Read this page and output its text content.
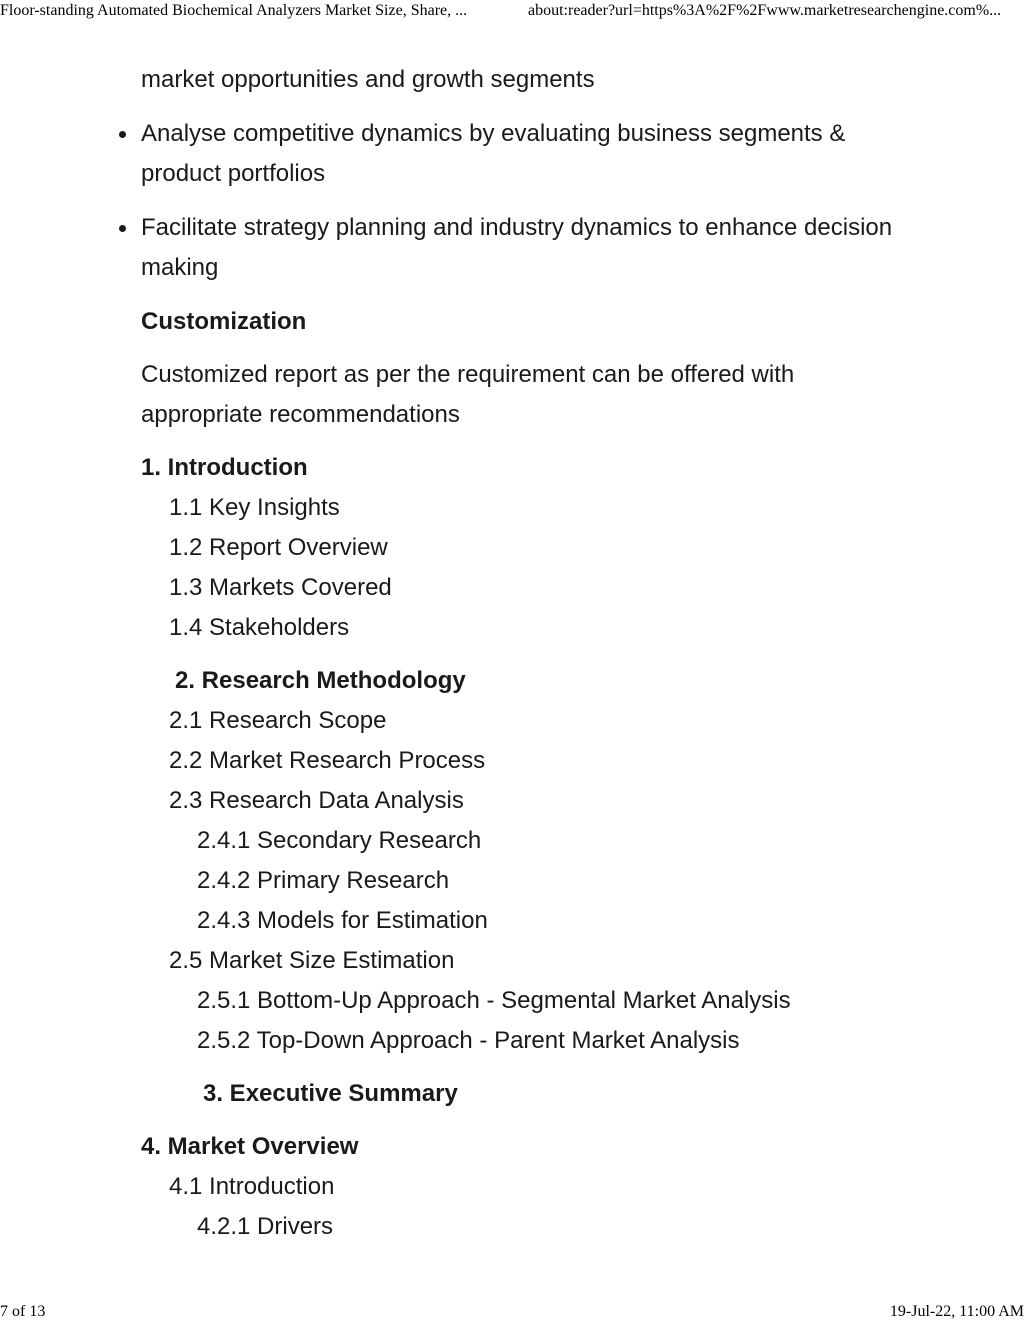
Floor-standing Automated Biochemical Analyzers Market Size, Share, ...	about:reader?url=https%3A%2F%2Fwww.marketresearchengine.com%...

market opportunities and growth segments

Analyse competitive dynamics by evaluating business segments & product portfolios
Facilitate strategy planning and industry dynamics to enhance decision making

Customization

Customized report as per the requirement can be offered with appropriate recommendations

1. Introduction

1.1 Key Insights

1.2 Report Overview

1.3 Markets Covered

1.4 Stakeholders

2. Research Methodology

2.1 Research Scope

2.2 Market Research Process

2.3 Research Data Analysis

2.4.1 Secondary Research

2.4.2 Primary Research

2.4.3 Models for Estimation

2.5 Market Size Estimation

2.5.1 Bottom-Up Approach - Segmental Market Analysis

2.5.2 Top-Down Approach - Parent Market Analysis

3. Executive Summary

4. Market Overview

4.1 Introduction

4.2.1 Drivers

7 of 13	19-Jul-22, 11:00 AM
